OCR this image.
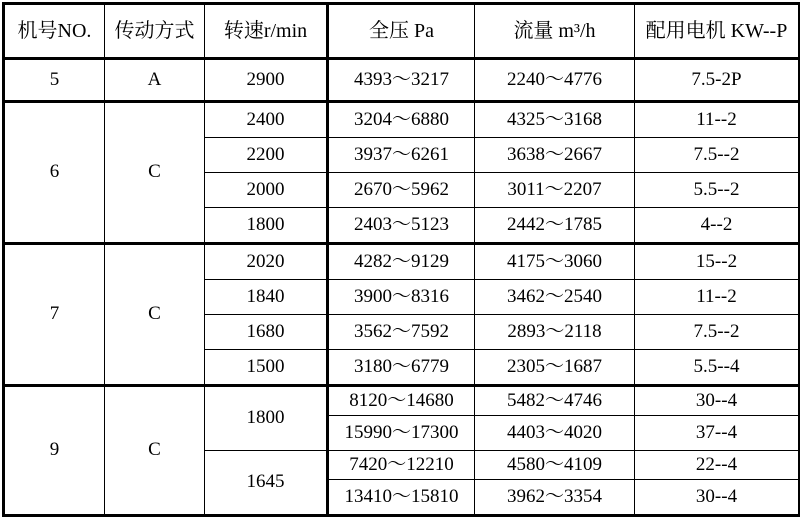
机号NO.	传动方式	转速r/min	全压 Pa	流量 m³/h	配用电机 KW--P
5	A	2900	4393～3217	2240～4776	7.5-2P
6	C	2400	3204～6880	4325～3168	11--2
		2200	3937～6261	3638～2667	7.5--2
		2000	2670～5962	3011～2207	5.5--2
		1800	2403～5123	2442～1785	4--2
7	C	2020	4282～9129	4175～3060	15--2
		1840	3900～8316	3462～2540	11--2
		1680	3562～7592	2893～2118	7.5--2
		1500	3180～6779	2305～1687	5.5--4
9	C	1800	8120～14680	5482～4746	30--4
			15990～17300	4403～4020	37--4
		1645	7420～12210	4580～4109	22--4
			13410～15810	3962～3354	30--4
